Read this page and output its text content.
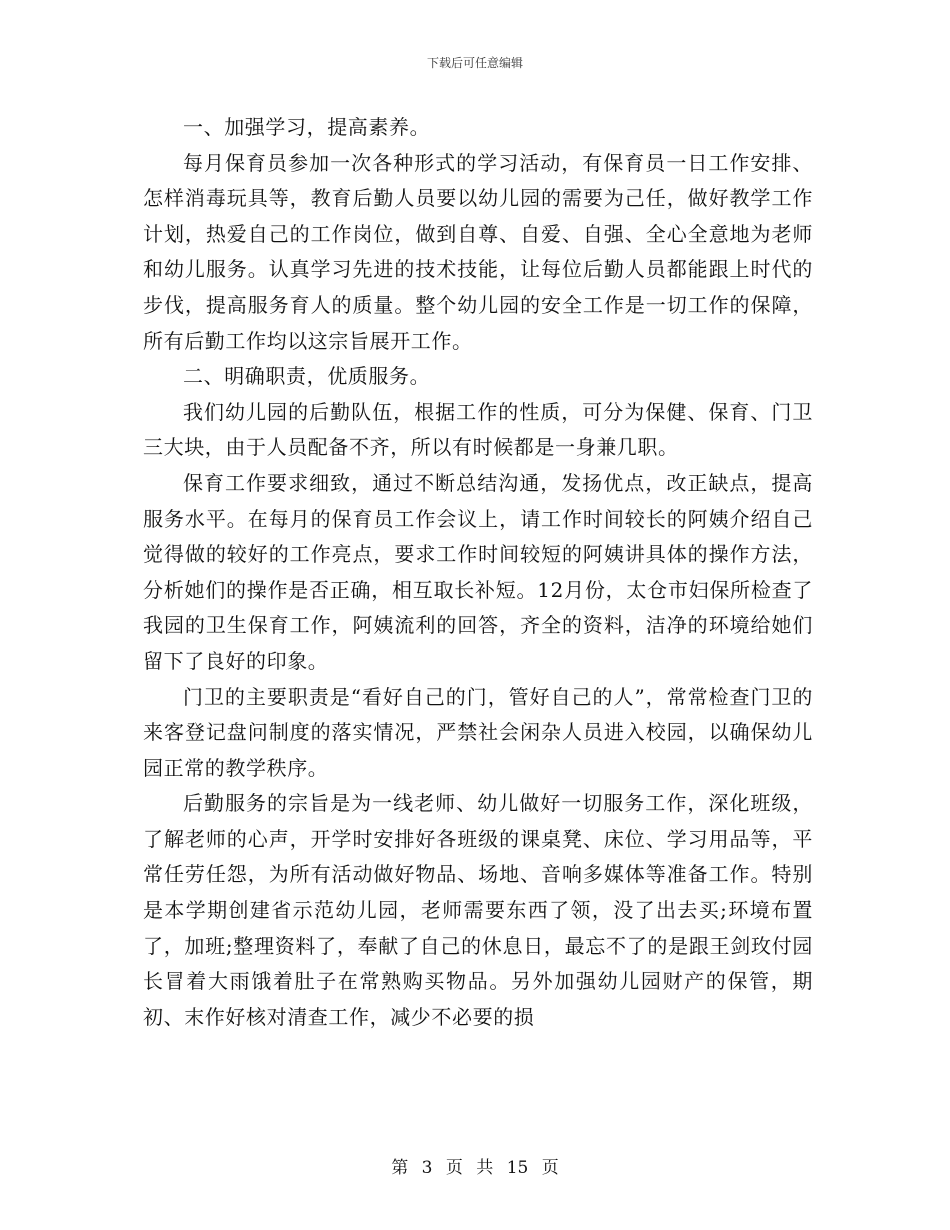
下载后可任意编辑

一、加强学习，提高素养。

每月保育员参加一次各种形式的学习活动，有保育员一日工作安排、怎样消毒玩具等，教育后勤人员要以幼儿园的需要为己任，做好教学工作计划，热爱自己的工作岗位，做到自尊、自爱、自强、全心全意地为老师和幼儿服务。认真学习先进的技术技能，让每位后勤人员都能跟上时代的步伐，提高服务育人的质量。整个幼儿园的安全工作是一切工作的保障，所有后勤工作均以这宗旨展开工作。

二、明确职责，优质服务。

我们幼儿园的后勤队伍，根据工作的性质，可分为保健、保育、门卫三大块，由于人员配备不齐，所以有时候都是一身兼几职。

保育工作要求细致，通过不断总结沟通，发扬优点，改正缺点，提高服务水平。在每月的保育员工作会议上，请工作时间较长的阿姨介绍自己觉得做的较好的工作亮点，要求工作时间较短的阿姨讲具体的操作方法，分析她们的操作是否正确，相互取长补短。12月份，太仓市妇保所检查了我园的卫生保育工作，阿姨流利的回答，齐全的资料，洁净的环境给她们留下了良好的印象。

门卫的主要职责是“看好自己的门，管好自己的人”，常常检查门卫的来客登记盘问制度的落实情况，严禁社会闲杂人员进入校园，以确保幼儿园正常的教学秩序。

后勤服务的宗旨是为一线老师、幼儿做好一切服务工作，深化班级，了解老师的心声，开学时安排好各班级的课桌凳、床位、学习用品等，平常任劳任怨，为所有活动做好物品、场地、音响多媒体等准备工作。特别是本学期创建省示范幼儿园，老师需要东西了领，没了出去买;环境布置了，加班;整理资料了，奉献了自己的休息日，最忘不了的是跟王剑玫付园长冒着大雨饿着肚子在常熟购买物品。另外加强幼儿园财产的保管，期初、末作好核对清查工作，减少不必要的损

第 3 页 共 15 页
